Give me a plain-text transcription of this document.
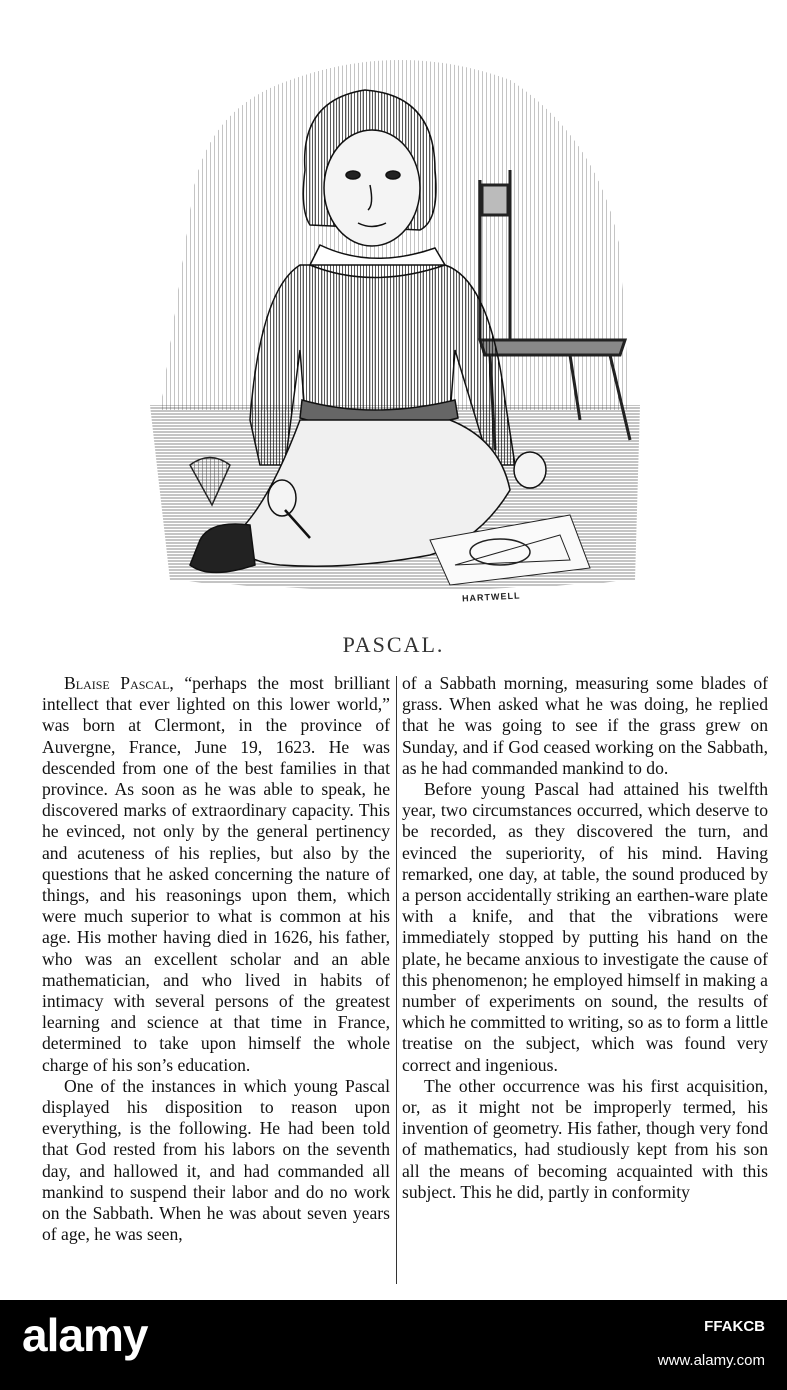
HARTWELL
PASCAL.

Blaise Pascal, “perhaps the most brilliant intellect that ever lighted on this lower world,” was born at Clermont, in the province of Auvergne, France, June 19, 1623. He was descended from one of the best families in that province. As soon as he was able to speak, he discovered marks of extraordinary capacity. This he evinced, not only by the general pertinency and acuteness of his replies, but also by the questions that he asked concerning the nature of things, and his reasonings upon them, which were much superior to what is common at his age. His mother having died in 1626, his father, who was an excellent scholar and an able mathematician, and who lived in habits of intimacy with several persons of the greatest learning and science at that time in France, determined to take upon himself the whole charge of his son’s education.

One of the instances in which young Pascal displayed his disposition to reason upon everything, is the following. He had been told that God rested from his labors on the seventh day, and hallowed it, and had commanded all mankind to suspend their labor and do no work on the Sabbath. When he was about seven years of age, he was seen,

of a Sabbath morning, measuring some blades of grass. When asked what he was doing, he replied that he was going to see if the grass grew on Sunday, and if God ceased working on the Sabbath, as he had commanded mankind to do.

Before young Pascal had attained his twelfth year, two circumstances occurred, which deserve to be recorded, as they discovered the turn, and evinced the superiority, of his mind. Having remarked, one day, at table, the sound produced by a person accidentally striking an earthen-ware plate with a knife, and that the vibrations were immediately stopped by putting his hand on the plate, he became anxious to investigate the cause of this phenomenon; he employed himself in making a number of experiments on sound, the results of which he committed to writing, so as to form a little treatise on the subject, which was found very correct and ingenious.

The other occurrence was his first acquisition, or, as it might not be improperly termed, his invention of geometry. His father, though very fond of mathematics, had studiously kept from his son all the means of becoming acquainted with this subject. This he did, partly in conformity

alamy	FFAKCB
www.alamy.com
